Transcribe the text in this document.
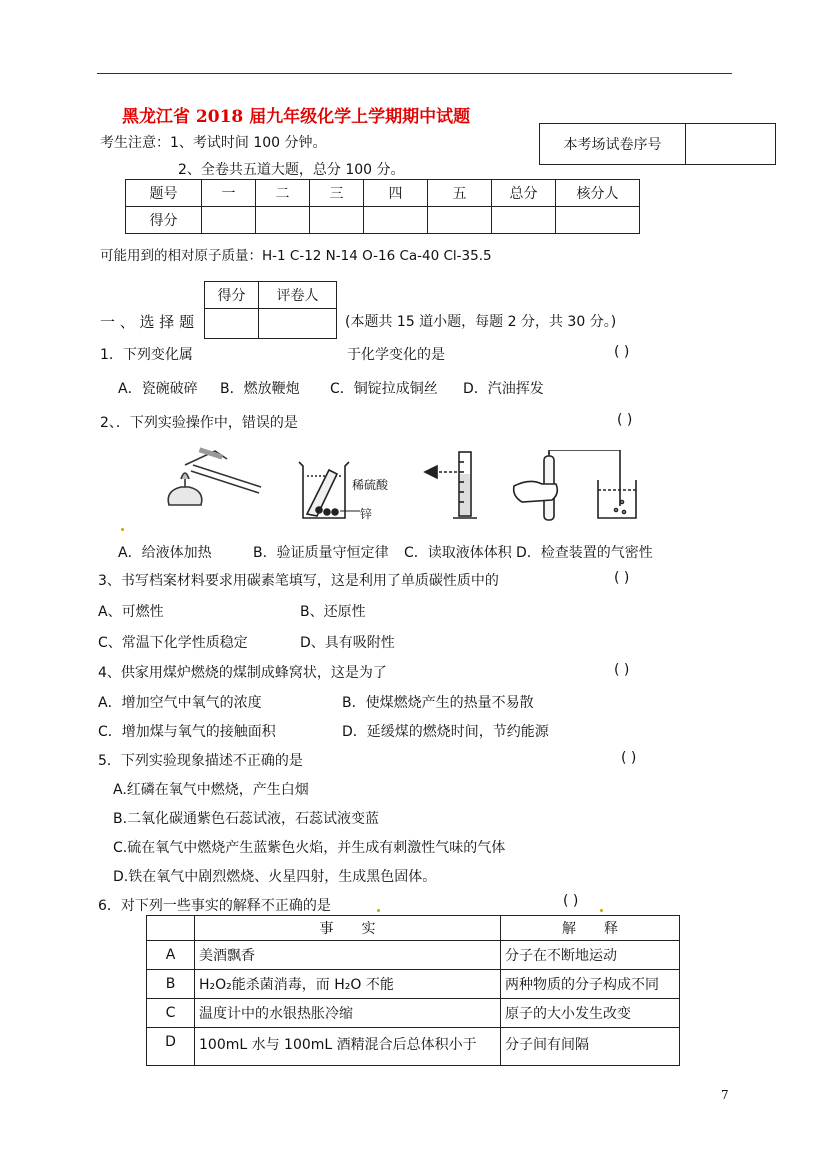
黑龙江省 2018 届九年级化学上学期期中试题
本考场试卷序号	
考生注意：1、考试时间 100 分钟。
2、全卷共五道大题，总分 100 分。
题号	一	二	三	四	五	总分	核分人
得分							
可能用到的相对原子质量：H-1 C-12 N-14 O-16 Ca-40 Cl-35.5
得分	评卷人

一 、 选 择 题	(本题共 15 道小题，每题 2 分，共 30 分。)
1．下列变化属	于化学变化的是	( )
A．瓷碗破碎 B．燃放鞭炮 C．铜锭拉成铜丝 D．汽油挥发
2、．下列实验操作中，错误的是	( )
稀硫酸
锌
A．给液体加热	B．验证质量守恒定律 C．读取液体体积 D．检查装置的气密性
3、书写档案材料要求用碳素笔填写，这是利用了单质碳性质中的	( )
A、可燃性	B、还原性
C、常温下化学性质稳定	D、具有吸附性
4、供家用煤炉燃烧的煤制成蜂窝状，这是为了	( )
A．增加空气中氧气的浓度	B．使煤燃烧产生的热量不易散
C．增加煤与氧气的接触面积	D．延缓煤的燃烧时间，节约能源
5．下列实验现象描述不正确的是	( )
A.红磷在氧气中燃烧，产生白烟
B.二氧化碳通紫色石蕊试液，石蕊试液变蓝
C.硫在氧气中燃烧产生蓝紫色火焰，并生成有刺激性气味的气体
D.铁在氧气中剧烈燃烧、火星四射，生成黑色固体。
6．对下列一些事实的解释不正确的是	( )
	事　　实	解　　释
A	美酒飘香	分子在不断地运动
B	H₂O₂能杀菌消毒，而 H₂O 不能	两种物质的分子构成不同
C	温度计中的水银热胀冷缩	原子的大小发生改变
D	100mL 水与 100mL 酒精混合后总体积小于	分子间有间隔
7
